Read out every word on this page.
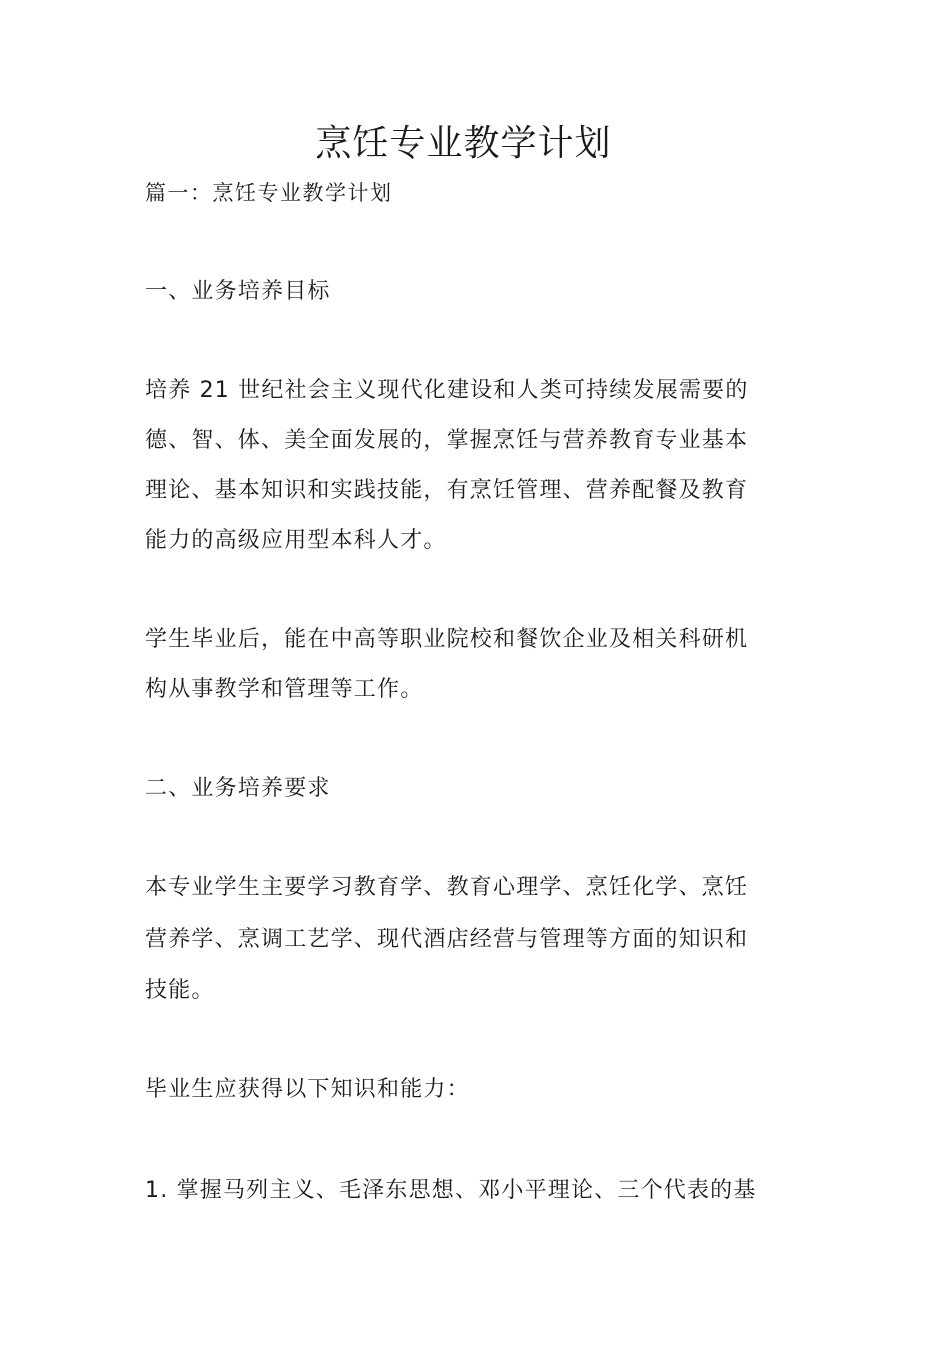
烹饪专业教学计划
篇一：烹饪专业教学计划
一、业务培养目标
培养 21 世纪社会主义现代化建设和人类可持续发展需要的
德、智、体、美全面发展的，掌握烹饪与营养教育专业基本
理论、基本知识和实践技能，有烹饪管理、营养配餐及教育
能力的高级应用型本科人才。
学生毕业后，能在中高等职业院校和餐饮企业及相关科研机
构从事教学和管理等工作。
二、业务培养要求
本专业学生主要学习教育学、教育心理学、烹饪化学、烹饪
营养学、烹调工艺学、现代酒店经营与管理等方面的知识和
技能。
毕业生应获得以下知识和能力：
1. 掌握马列主义、毛泽东思想、邓小平理论、三个代表的基
